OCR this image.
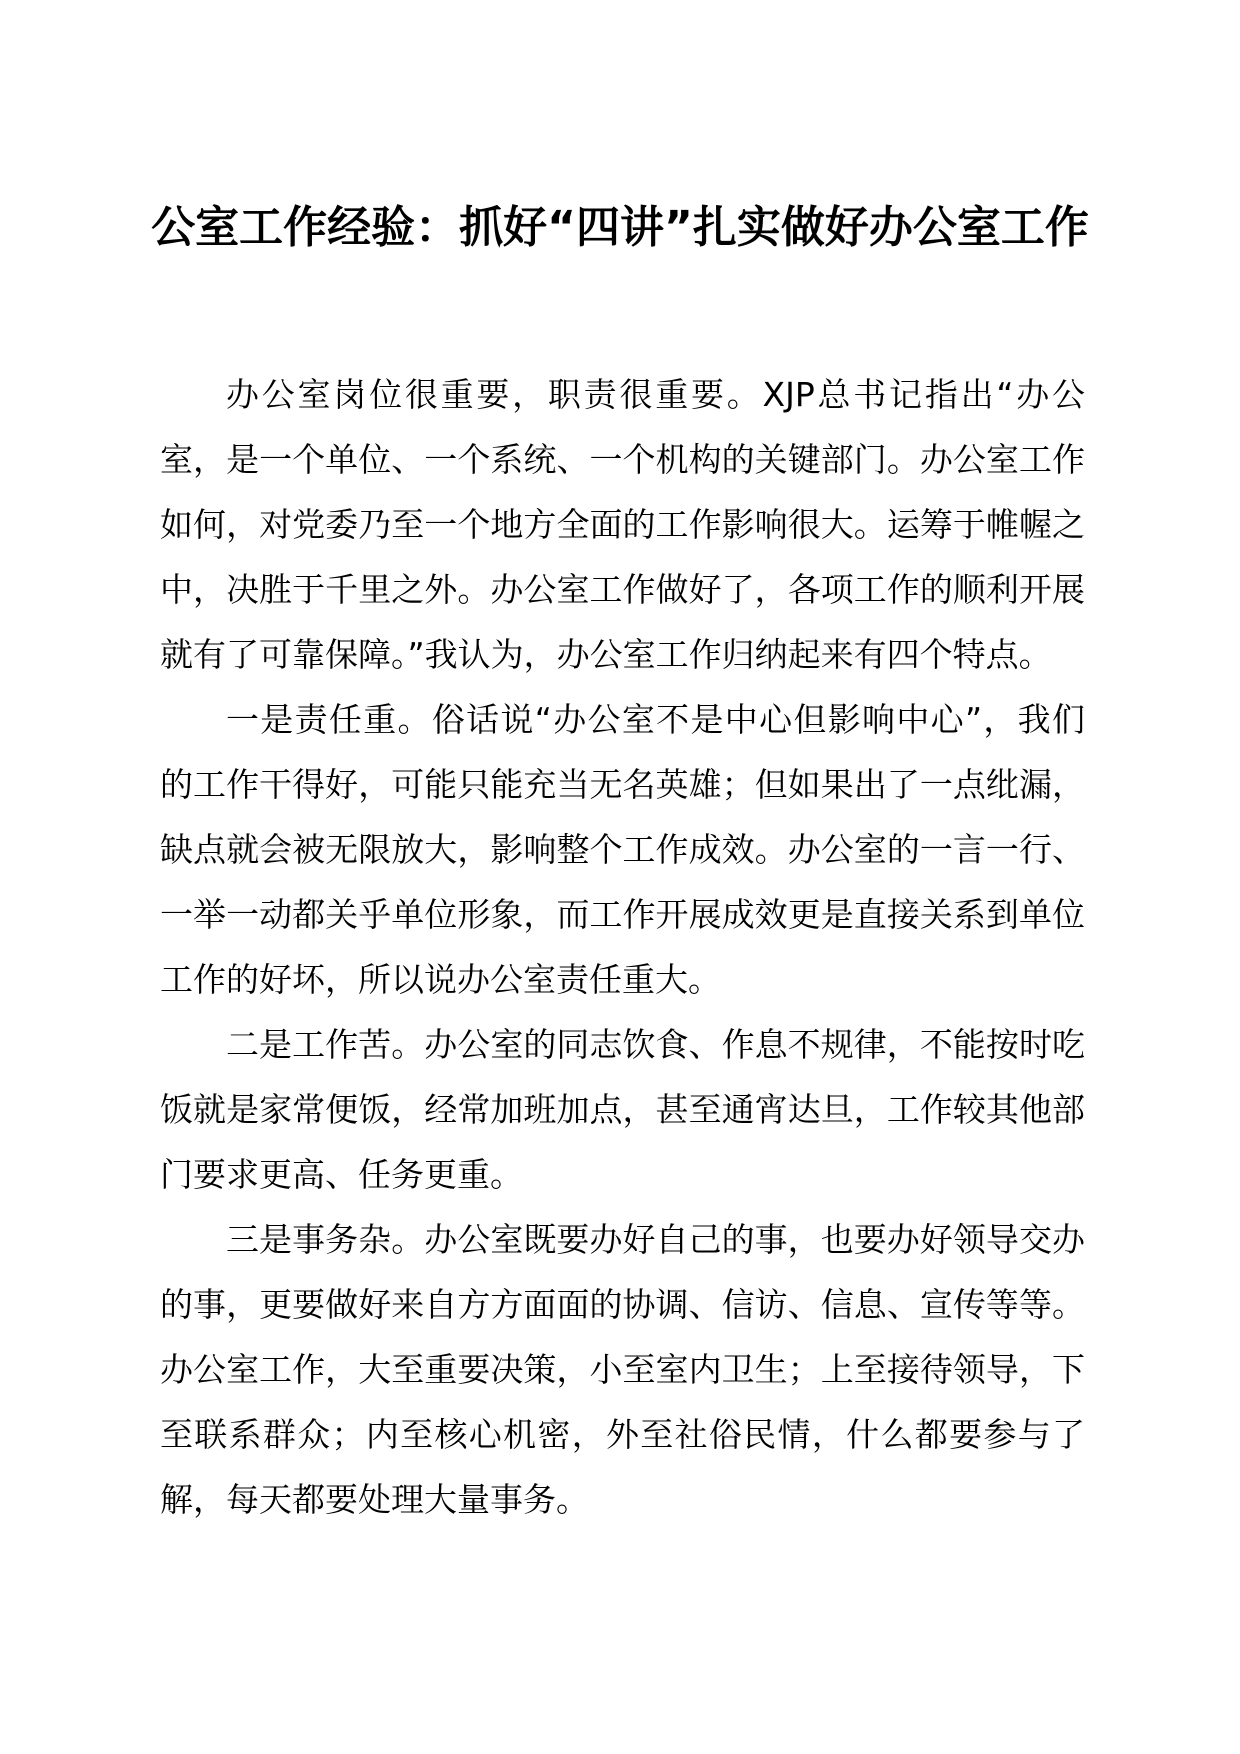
公室工作经验：抓好“四讲”扎实做好办公室工作

办公室岗位很重要，职责很重要。XJP总书记指出“办公室，是一个单位、一个系统、一个机构的关键部门。办公室工作如何，对党委乃至一个地方全面的工作影响很大。运筹于帷幄之中，决胜于千里之外。办公室工作做好了，各项工作的顺利开展就有了可靠保障。”我认为，办公室工作归纳起来有四个特点。

一是责任重。俗话说“办公室不是中心但影响中心”，我们的工作干得好，可能只能充当无名英雄；但如果出了一点纰漏，缺点就会被无限放大，影响整个工作成效。办公室的一言一行、一举一动都关乎单位形象，而工作开展成效更是直接关系到单位工作的好坏，所以说办公室责任重大。

二是工作苦。办公室的同志饮食、作息不规律，不能按时吃饭就是家常便饭，经常加班加点，甚至通宵达旦，工作较其他部门要求更高、任务更重。

三是事务杂。办公室既要办好自己的事，也要办好领导交办的事，更要做好来自方方面面的协调、信访、信息、宣传等等。办公室工作，大至重要决策，小至室内卫生；上至接待领导，下至联系群众；内至核心机密，外至社俗民情，什么都要参与了解，每天都要处理大量事务。
